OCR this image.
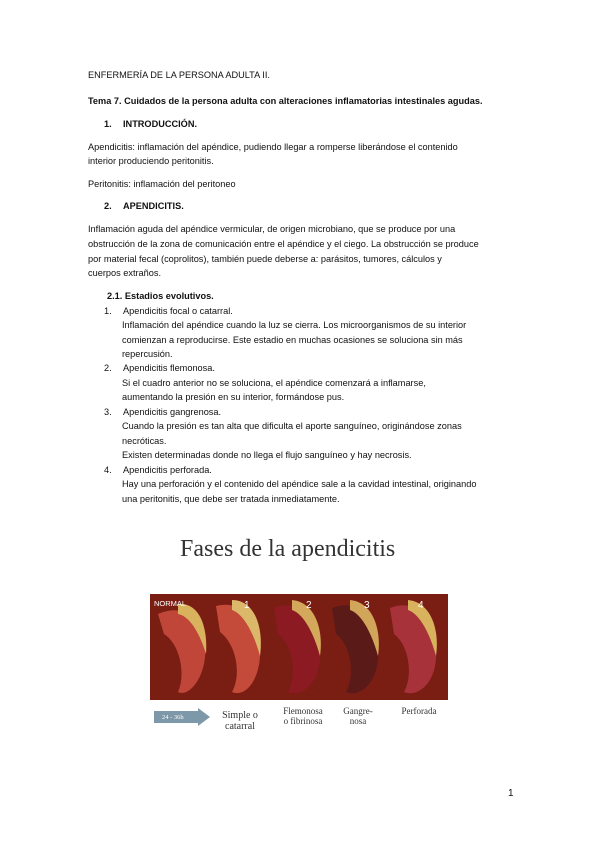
ENFERMERÍA DE LA PERSONA ADULTA II.
Tema 7. Cuidados de la persona adulta con alteraciones inflamatorias intestinales agudas.
1. INTRODUCCIÓN.
Apendicitis: inflamación del apéndice, pudiendo llegar a romperse liberándose el contenido
interior produciendo peritonitis.
Peritonitis: inflamación del peritoneo
2. APENDICITIS.
Inflamación aguda del apéndice vermicular, de origen microbiano, que se produce por una
obstrucción de la zona de comunicación entre el apéndice y el ciego. La obstrucción se produce
por material fecal (coprolitos), también puede deberse a: parásitos, tumores, cálculos y
cuerpos extraños.
2.1. Estadios evolutivos.
1. Apendicitis focal o catarral.
Inflamación del apéndice cuando la luz se cierra. Los microorganismos de su interior
comienzan a reproducirse. Este estadio en muchas ocasiones se soluciona sin más
repercusión.
2. Apendicitis flemonosa.
Si el cuadro anterior no se soluciona, el apéndice comenzará a inflamarse,
aumentando la presión en su interior, formándose pus.
3. Apendicitis gangrenosa.
Cuando la presión es tan alta que dificulta el aporte sanguíneo, originándose zonas
necróticas.
Existen determinadas donde no llega el flujo sanguíneo y hay necrosis.
4. Apendicitis perforada.
Hay una perforación y el contenido del apéndice sale a la cavidad intestinal, originando
una peritonitis, que debe ser tratada inmediatamente.
Fases de la apendicitis
NORMAL	1	2	3	4
24 - 36h	Simple o
catarral
Flemonosa
o fibrinosa
Gangre-
nosa
Perforada
1
